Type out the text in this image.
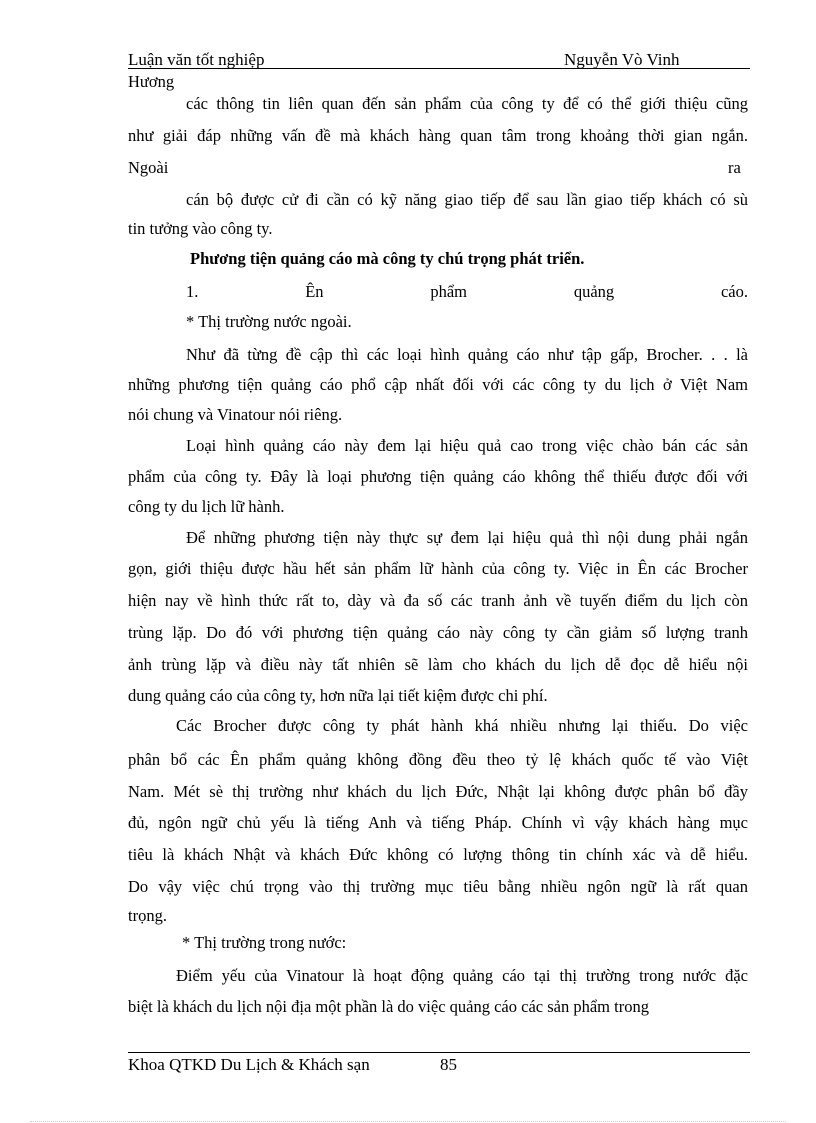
Luận văn tốt nghiệp	Nguyễn Vò Vinh
Hương
các thông tin liên quan đến sản phẩm của công ty để có thể giới thiệu cũng
như giải đáp những vấn đề mà khách hàng quan tâm trong khoảng thời gian ngắn.
Ngoài	ra
cán bộ được cử đi cần có kỹ năng giao tiếp để sau lần giao tiếp khách có sù
tin tưởng vào công ty.
Phương tiện quảng cáo mà công ty chú trọng phát triển.
1. Ên phẩm quảng cáo.
* Thị trường nước ngoài.
Như đã từng đề cập thì các loại hình quảng cáo như tập gấp, Brocher. . . là
những phương tiện quảng cáo phổ cập nhất đối với các công ty du lịch ở Việt Nam
nói chung và Vinatour nói riêng.
Loại hình quảng cáo này đem lại hiệu quả cao trong việc chào bán các sản
phẩm của công ty. Đây là loại phương tiện quảng cáo không thể thiếu được đối với
công ty du lịch lữ hành.
Để những phương tiện này thực sự đem lại hiệu quả thì nội dung phải ngắn
gọn, giới thiệu được hầu hết sản phẩm lữ hành của công ty. Việc in Ên các Brocher
hiện nay về hình thức rất to, dày và đa số các tranh ảnh về tuyến điểm du lịch còn
trùng lặp. Do đó với phương tiện quảng cáo này công ty cần giảm số lượng tranh
ảnh trùng lặp và điều này tất nhiên sẽ làm cho khách du lịch dễ đọc dễ hiểu nội
dung quảng cáo của công ty, hơn nữa lại tiết kiệm được chi phí.
Các Brocher được công ty phát hành khá nhiều nhưng lại thiếu. Do việc
phân bổ các Ên phẩm quảng không đồng đều theo tỷ lệ khách quốc tế vào Việt
Nam. Mét sè thị trường như khách du lịch Đức, Nhật lại không được phân bổ đầy
đủ, ngôn ngữ chủ yếu là tiếng Anh và tiếng Pháp. Chính vì vậy khách hàng mục
tiêu là khách Nhật và khách Đức không có lượng thông tin chính xác và dễ hiểu.
Do vậy việc chú trọng vào thị trường mục tiêu bằng nhiều ngôn ngữ là rất quan
trọng.
* Thị trường trong nước:
Điểm yếu của Vinatour là hoạt động quảng cáo tại thị trường trong nước đặc
biệt là khách du lịch nội địa một phần là do việc quảng cáo các sản phẩm trong
Khoa QTKD Du Lịch & Khách sạn	85
